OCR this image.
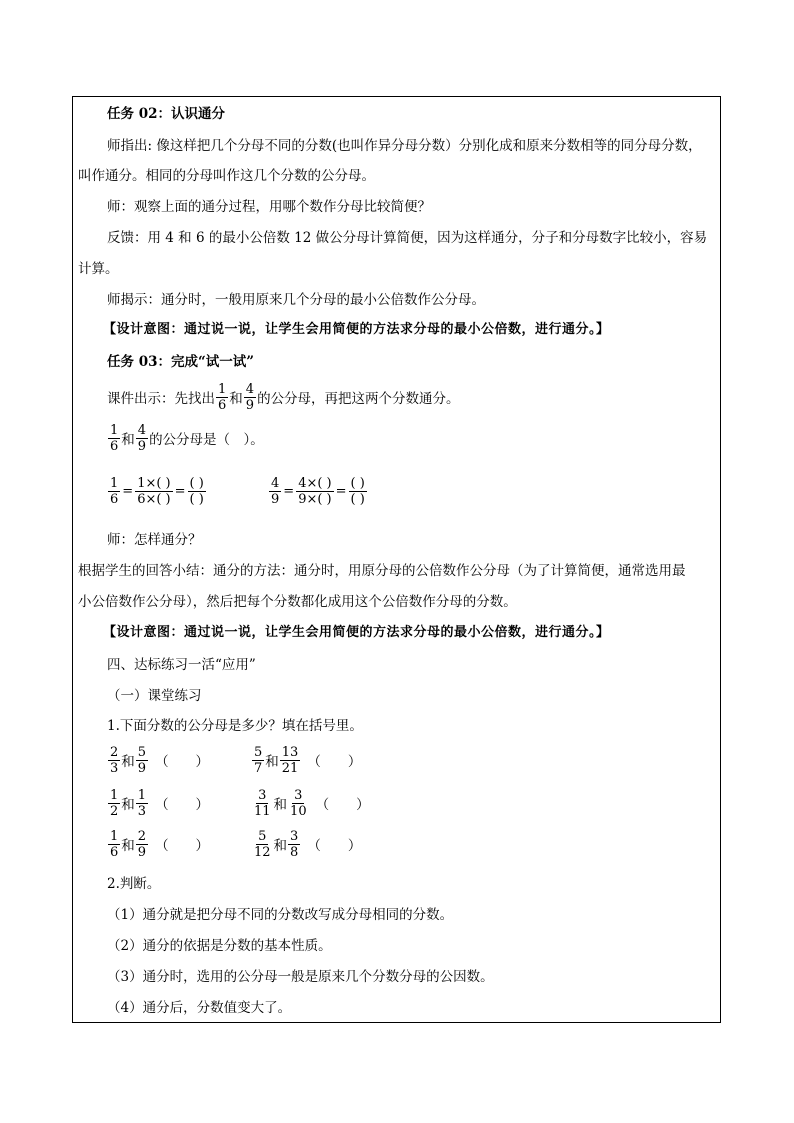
任务 02：认识通分
师指出: 像这样把几个分母不同的分数(也叫作异分母分数）分别化成和原来分数相等的同分母分数，
叫作通分。相同的分母叫作这几个分数的公分母。
师：观察上面的通分过程，用哪个数作分母比较简便？
反馈：用 4 和 6 的最小公倍数 12 做公分母计算简便，因为这样通分，分子和分母数字比较小，容易
计算。
师揭示：通分时，一般用原来几个分母的最小公倍数作公分母。
【设计意图：通过说一说，让学生会用简便的方法求分母的最小公倍数，进行通分。】
任务 03：完成“试一试”
课件出示：先找出 $\frac{1}{6}$ 和 $\frac{4}{9}$ 的公分母，再把这两个分数通分。
$\frac{1}{6}$ 和 $\frac{4}{9}$ 的公分母是（　）。
$\frac{1}{6} = \frac{1\times( )}{6\times( )} = \frac{( )}{( )}$	$\frac{4}{9} = \frac{4\times( )}{9\times( )} = \frac{( )}{( )}$
师：怎样通分？
根据学生的回答小结：通分的方法：通分时，用原分母的公倍数作公分母（为了计算简便，通常选用最
小公倍数作公分母），然后把每个分数都化成用这个公倍数作分母的分数。
【设计意图：通过说一说，让学生会用简便的方法求分母的最小公倍数，进行通分。】
四、达标练习一活“应用”
（一）课堂练习
1.下面分数的公分母是多少？填在括号里。
$\frac{2}{3}$ 和 $\frac{5}{9}$ （　　）	$\frac{5}{7}$ 和 $\frac{13}{21}$ （　　）
$\frac{1}{2}$ 和 $\frac{1}{3}$ （　　）	$\frac{3}{11}$ 和 $\frac{3}{10}$ （　　）
$\frac{1}{6}$ 和 $\frac{2}{9}$ （　　）	$\frac{5}{12}$ 和 $\frac{3}{8}$ （　　）
2.判断。
（1）通分就是把分母不同的分数改写成分母相同的分数。
（2）通分的依据是分数的基本性质。
（3）通分时，选用的公分母一般是原来几个分数分母的公因数。
（4）通分后，分数值变大了。
